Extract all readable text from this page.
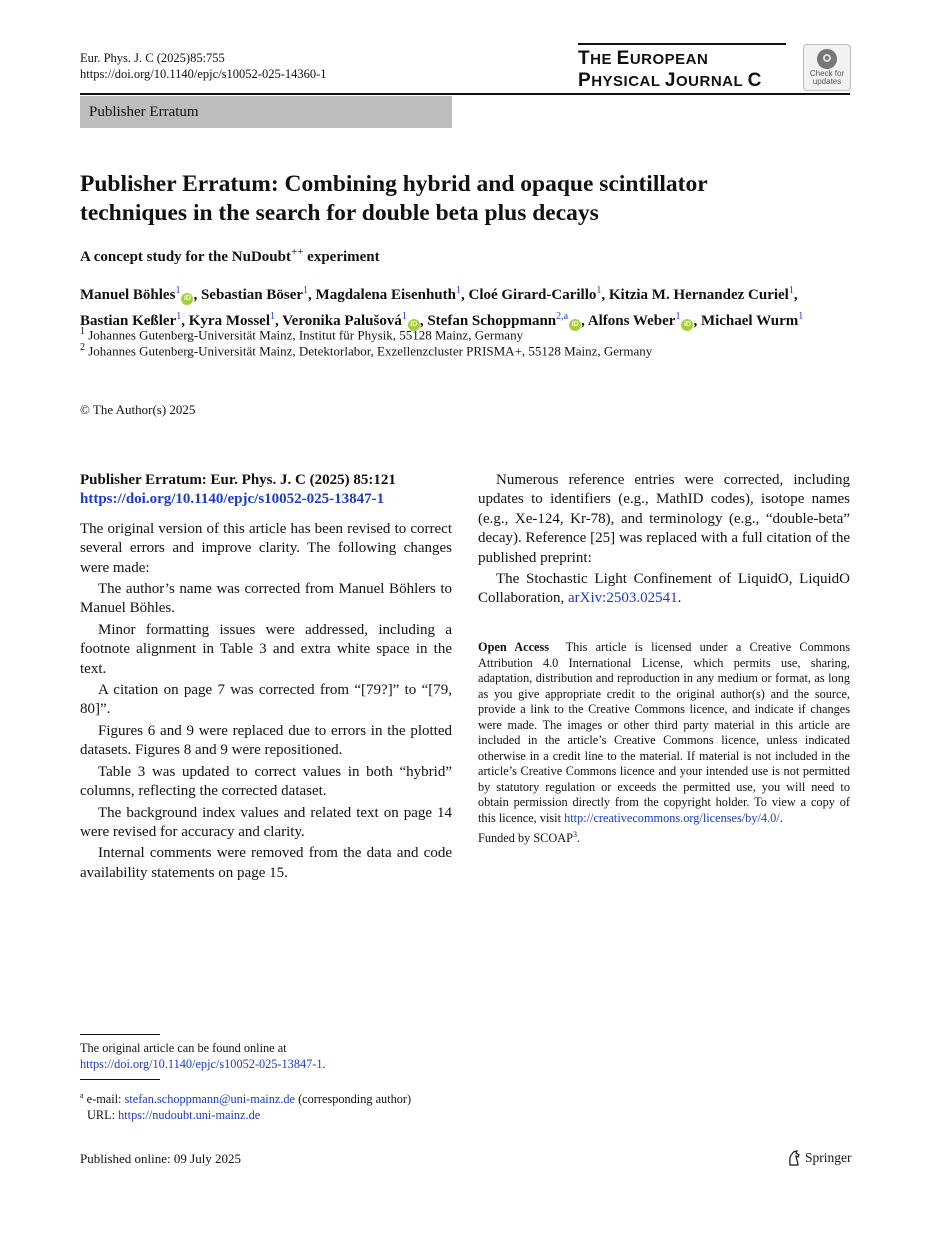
Eur. Phys. J. C (2025)85:755
https://doi.org/10.1140/epjc/s10052-025-14360-1
THE EUROPEAN
PHYSICAL JOURNAL C	Check for
updates
Publisher Erratum
Publisher Erratum: Combining hybrid and opaque scintillator techniques in the search for double beta plus decays
A concept study for the NuDoubt++ experiment
Manuel Böhles$^1$iD , Sebastian Böser$^1$, Magdalena Eisenhuth$^1$, Cloé Girard-Carillo$^1$, Kitzia M. Hernandez Curiel$^1$,
Bastian Keßler$^1$, Kyra Mossel$^1$, Veronika Palušová$^1$iD , Stefan Schoppmann$^{2,a}$iD , Alfons Weber$^1$iD , Michael Wurm$^1$
$^1$ Johannes Gutenberg-Universität Mainz, Institut für Physik, 55128 Mainz, Germany
$^2$ Johannes Gutenberg-Universität Mainz, Detektorlabor, Exzellenzcluster PRISMA+, 55128 Mainz, Germany
© The Author(s) 2025
Publisher Erratum: Eur. Phys. J. C (2025) 85:121
https://doi.org/10.1140/epjc/s10052-025-13847-1

The original version of this article has been revised to correct several errors and improve clarity. The following changes were made:

The author’s name was corrected from Manuel Böhlers to Manuel Böhles.

Minor formatting issues were addressed, including a footnote alignment in Table 3 and extra white space in the text.

A citation on page 7 was corrected from “[79?]” to “[79, 80]”.

Figures 6 and 9 were replaced due to errors in the plotted datasets. Figures 8 and 9 were repositioned.

Table 3 was updated to correct values in both “hybrid” columns, reflecting the corrected dataset.

The background index values and related text on page 14 were revised for accuracy and clarity.

Internal comments were removed from the data and code availability statements on page 15.

Numerous reference entries were corrected, including updates to identifiers (e.g., MathID codes), isotope names (e.g., Xe-124, Kr-78), and terminology (e.g., “double-beta” decay). Reference [25] was replaced with a full citation of the published preprint:

The Stochastic Light Confinement of LiquidO, LiquidO Collaboration, arXiv:2503.02541.

Open Access This article is licensed under a Creative Commons Attribution 4.0 International License, which permits use, sharing, adaptation, distribution and reproduction in any medium or format, as long as you give appropriate credit to the original author(s) and the source, provide a link to the Creative Commons licence, and indicate if changes were made. The images or other third party material in this article are included in the article’s Creative Commons licence, unless indicated otherwise in a credit line to the material. If material is not included in the article’s Creative Commons licence and your intended use is not permitted by statutory regulation or exceeds the permitted use, you will need to obtain permission directly from the copyright holder. To view a copy of this licence, visit http://creativecommons.org/licenses/by/4.0/.
Funded by SCOAP$^3$.
The original article can be found online at https://doi.org/10.1140/epjc/s10052-025-13847-1.
$^a$ e-mail: stefan.schoppmann@uni-mainz.de (corresponding author)
URL: https://nudoubt.uni-mainz.de
Published online: 09 July 2025	Springer
